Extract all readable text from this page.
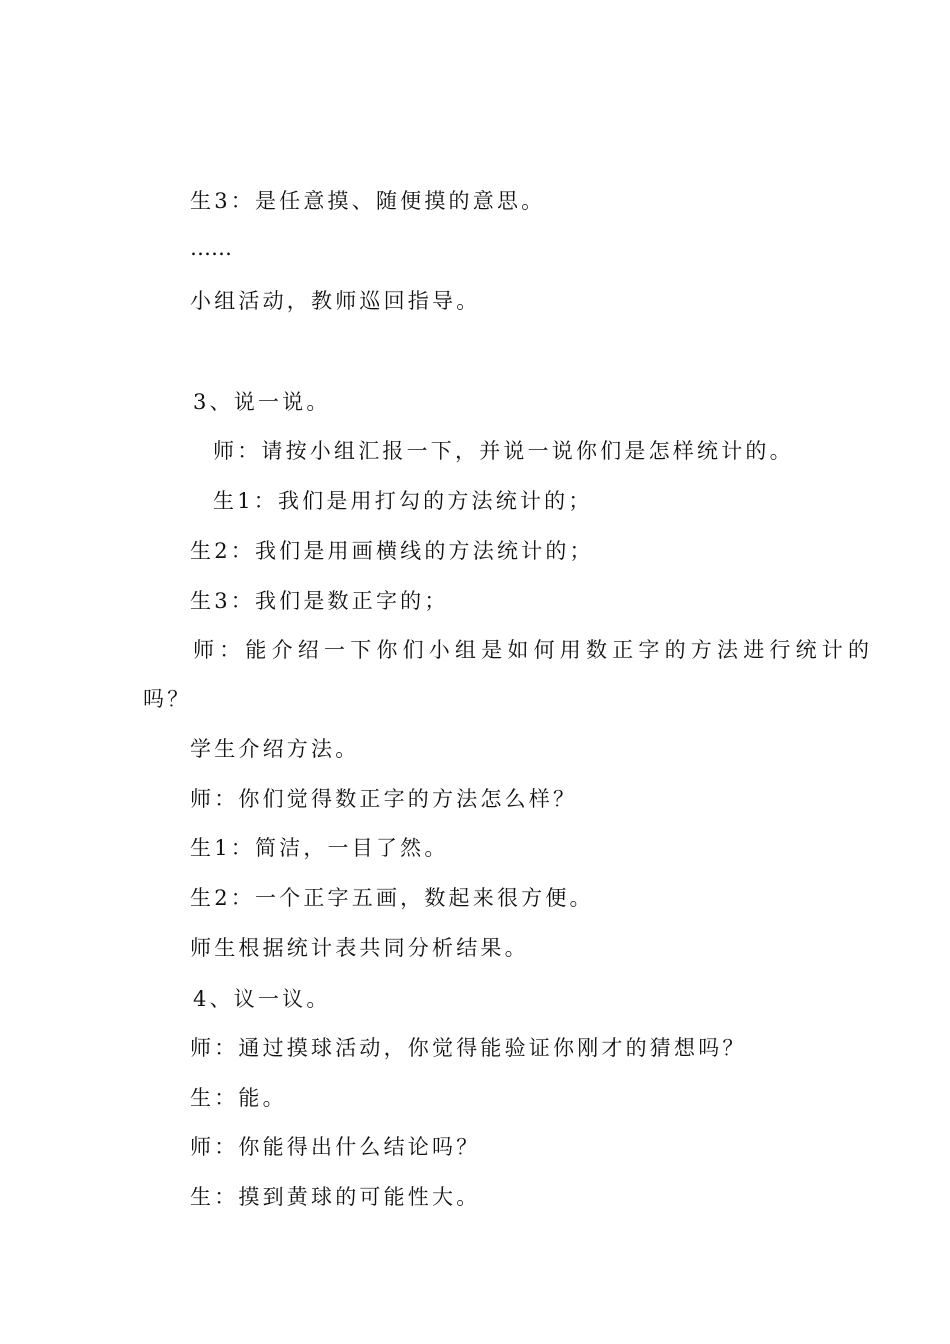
生3：是任意摸、随便摸的意思。
……
小组活动，教师巡回指导。
3、说一说。
师：请按小组汇报一下，并说一说你们是怎样统计的。
生1：我们是用打勾的方法统计的；
生2：我们是用画横线的方法统计的；
生3：我们是数正字的；
师：能介绍一下你们小组是如何用数正字的方法进行统计的
吗？
学生介绍方法。
师：你们觉得数正字的方法怎么样？
生1：简洁，一目了然。
生2：一个正字五画，数起来很方便。
师生根据统计表共同分析结果。
4、议一议。
师：通过摸球活动，你觉得能验证你刚才的猜想吗？
生：能。
师：你能得出什么结论吗？
生：摸到黄球的可能性大。
